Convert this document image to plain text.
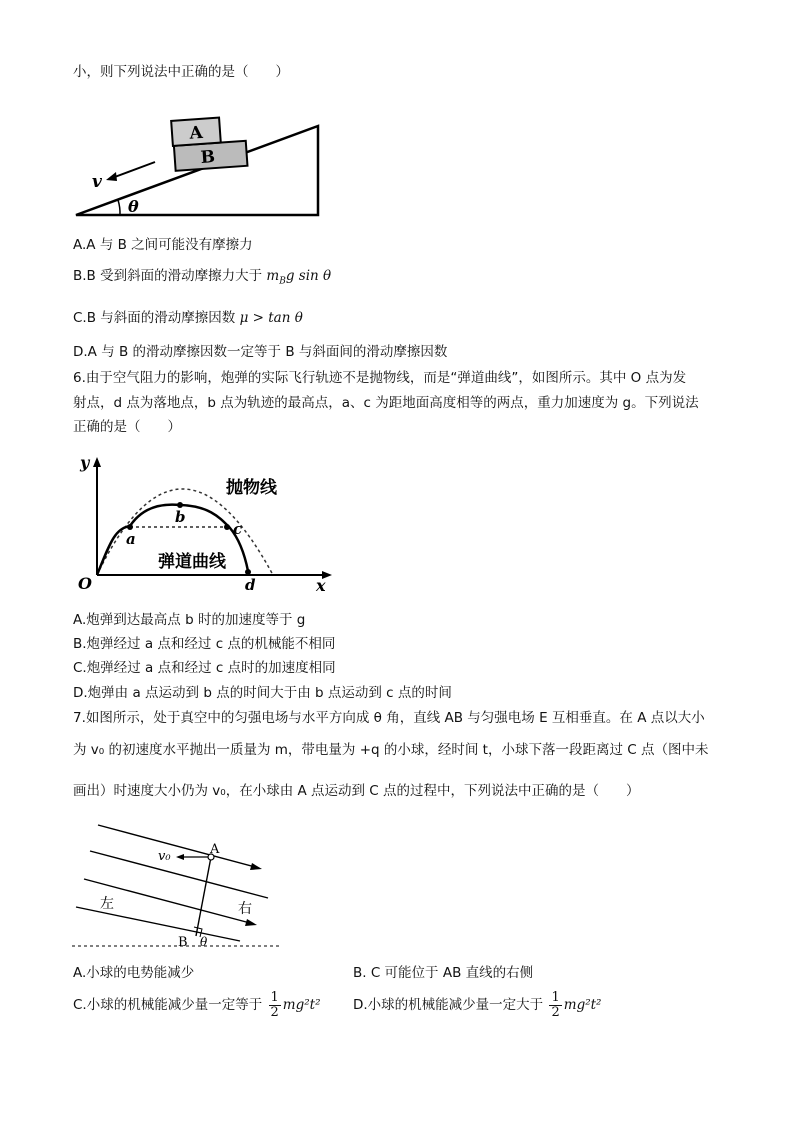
小，则下列说法中正确的是（　　）
A
B
v
θ
A.A 与 B 之间可能没有摩擦力
B.B 受到斜面的滑动摩擦力大于 $m_Bg$ sin θ
C.B 与斜面的滑动摩擦因数 μ > tan θ
D.A 与 B 的滑动摩擦因数一定等于 B 与斜面间的滑动摩擦因数
6.由于空气阻力的影响，炮弹的实际飞行轨迹不是抛物线，而是“弹道曲线”，如图所示。其中 O 点为发
射点，d 点为落地点，b 点为轨迹的最高点，a、c 为距地面高度相等的两点，重力加速度为 g。下列说法
正确的是（　　）
y
x
O
a
b
c
d
抛物线
弹道曲线
A.炮弹到达最高点 b 时的加速度等于 g
B.炮弹经过 a 点和经过 c 点的机械能不相同
C.炮弹经过 a 点和经过 c 点时的加速度相同
D.炮弹由 a 点运动到 b 点的时间大于由 b 点运动到 c 点的时间
7.如图所示，处于真空中的匀强电场与水平方向成 θ 角，直线 AB 与匀强电场 E 互相垂直。在 A 点以大小
为 v₀ 的初速度水平抛出一质量为 m，带电量为 +q 的小球，经时间 t，小球下落一段距离过 C 点（图中未
画出）时速度大小仍为 v₀，在小球由 A 点运动到 C 点的过程中，下列说法中正确的是（　　）
v₀	A
B
左	右
θ
A.小球的电势能减少	B. C 可能位于 AB 直线的右侧
C.小球的机械能减少量一定等于 $\frac{1}{2} mg^2t^2$ D.小球的机械能减少量一定大于 $\frac{1}{2} mg^2t^2$
